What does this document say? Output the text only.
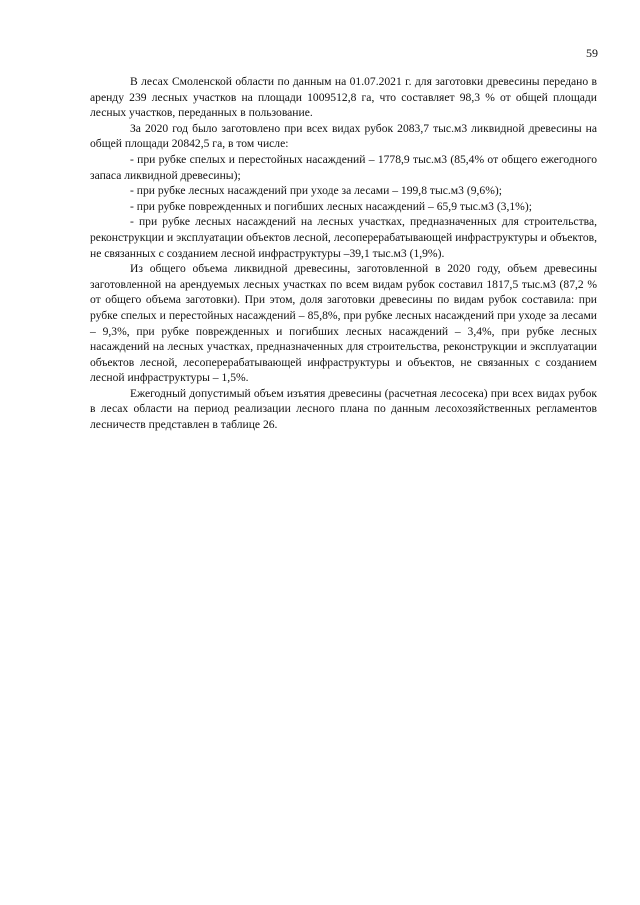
59

В лесах Смоленской области по данным на 01.07.2021 г. для заготовки древесины передано в аренду 239 лесных участков на площади 1009512,8 га, что составляет 98,3 % от общей площади лесных участков, переданных в пользование.

За 2020 год было заготовлено при всех видах рубок 2083,7 тыс.м3 ликвидной древесины на общей площади 20842,5 га, в том числе:

- при рубке спелых и перестойных насаждений – 1778,9 тыс.м3 (85,4% от общего ежегодного запаса ликвидной древесины);

- при рубке лесных насаждений при уходе за лесами – 199,8 тыс.м3 (9,6%);

- при рубке поврежденных и погибших лесных насаждений – 65,9 тыс.м3 (3,1%);

- при рубке лесных насаждений на лесных участках, предназначенных для строительства, реконструкции и эксплуатации объектов лесной, лесоперерабатывающей инфраструктуры и объектов, не связанных с созданием лесной инфраструктуры –39,1 тыс.м3 (1,9%).

Из общего объема ликвидной древесины, заготовленной в 2020 году, объем древесины заготовленной на арендуемых лесных участках по всем видам рубок составил 1817,5 тыс.м3 (87,2 % от общего объема заготовки). При этом, доля заготовки древесины по видам рубок составила: при рубке спелых и перестойных насаждений – 85,8%, при рубке лесных насаждений при уходе за лесами – 9,3%, при рубке поврежденных и погибших лесных насаждений – 3,4%, при рубке лесных насаждений на лесных участках, предназначенных для строительства, реконструкции и эксплуатации объектов лесной, лесоперерабатывающей инфраструктуры и объектов, не связанных с созданием лесной инфраструктуры – 1,5%.

Ежегодный допустимый объем изъятия древесины (расчетная лесосека) при всех видах рубок в лесах области на период реализации лесного плана по данным лесохозяйственных регламентов лесничеств представлен в таблице 26.
